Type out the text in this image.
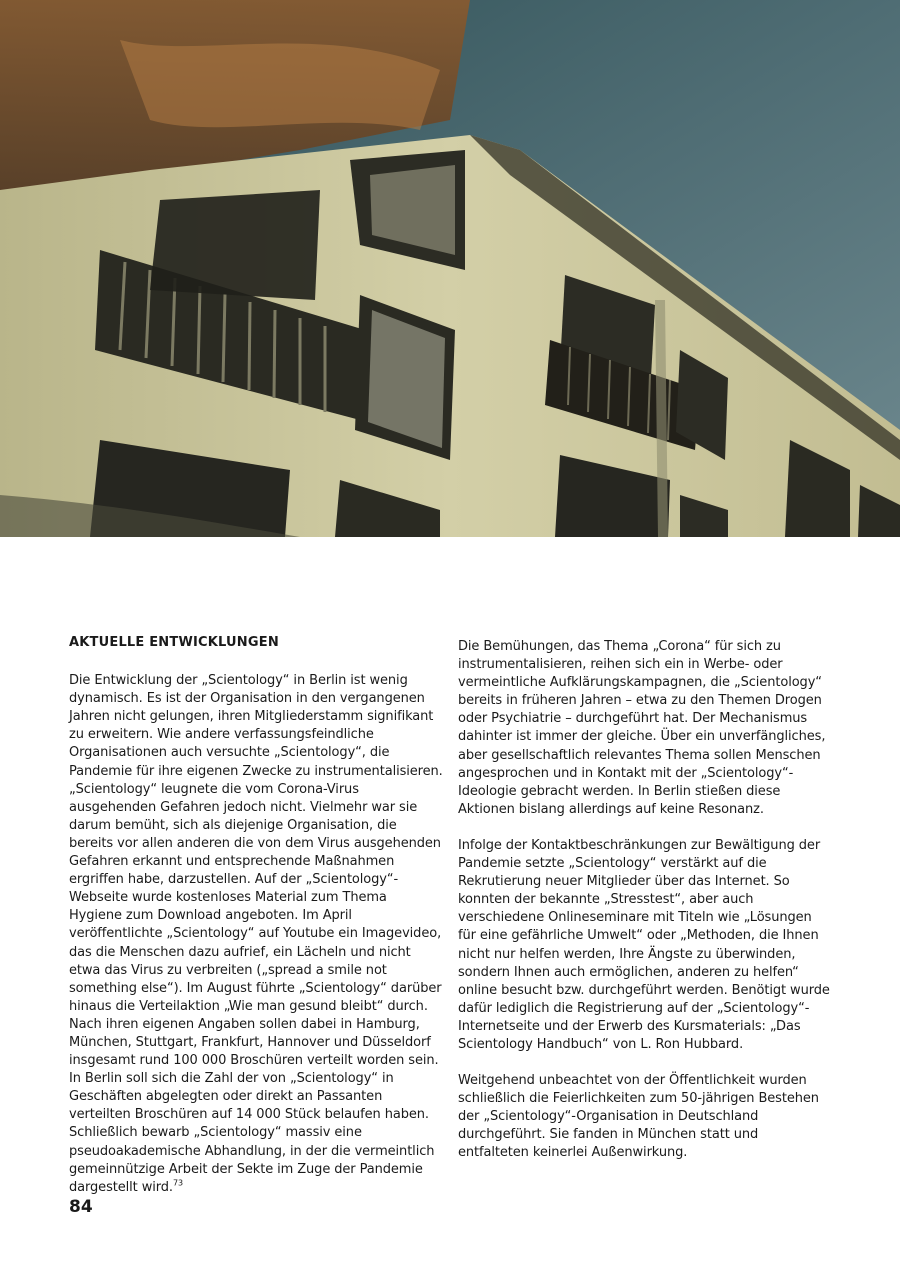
AKTUELLE ENTWICKLUNGEN

Die Entwicklung der „Scientology“ in Berlin ist wenig dynamisch. Es ist der Organisation in den vergangenen Jahren nicht gelungen, ihren Mitgliederstamm signifikant zu erweitern. Wie andere verfassungsfeindliche Organisationen auch versuchte „Scientology“, die Pandemie für ihre eigenen Zwecke zu instrumentalisieren. „Scientology“ leugnete die vom Corona-Virus ausgehenden Gefahren jedoch nicht. Vielmehr war sie darum bemüht, sich als diejenige Organisation, die bereits vor allen anderen die von dem Virus ausgehenden Gefahren erkannt und entsprechende Maßnahmen ergriffen habe, darzustellen. Auf der „Scientology“-Webseite wurde kostenloses Material zum Thema Hygiene zum Download angeboten. Im April veröffentlichte „Scientology“ auf Youtube ein Imagevideo, das die Menschen dazu aufrief, ein Lächeln und nicht etwa das Virus zu verbreiten („spread a smile not something else“). Im August führte „Scientology“ darüber hinaus die Verteilaktion „Wie man gesund bleibt“ durch. Nach ihren eigenen Angaben sollen dabei in Hamburg, München, Stuttgart, Frankfurt, Hannover und Düsseldorf insgesamt rund 100 000 Broschüren verteilt worden sein. In Berlin soll sich die Zahl der von „Scientology“ in Geschäften abgelegten oder direkt an Passanten verteilten Broschüren auf 14 000 Stück belaufen haben. Schließlich bewarb „Scientology“ massiv eine pseudoakademische Abhandlung, in der die vermeintlich gemeinnützige Arbeit der Sekte im Zuge der Pandemie dargestellt wird.$^{73}$

Die Bemühungen, das Thema „Corona“ für sich zu instrumentalisieren, reihen sich ein in Werbe- oder vermeintliche Aufklärungskampagnen, die „Scientology“ bereits in früheren Jahren – etwa zu den Themen Drogen oder Psychiatrie – durchgeführt hat. Der Mechanismus dahinter ist immer der gleiche. Über ein unverfängliches, aber gesellschaftlich relevantes Thema sollen Menschen angesprochen und in Kontakt mit der „Scientology“-Ideologie gebracht werden. In Berlin stießen diese Aktionen bislang allerdings auf keine Resonanz.

Infolge der Kontaktbeschränkungen zur Bewältigung der Pandemie setzte „Scientology“ verstärkt auf die Rekrutierung neuer Mitglieder über das Internet. So konnten der bekannte „Stresstest“, aber auch verschiedene Onlineseminare mit Titeln wie „Lösungen für eine gefährliche Umwelt“ oder „Methoden, die Ihnen nicht nur helfen werden, Ihre Ängste zu überwinden, sondern Ihnen auch ermöglichen, anderen zu helfen“ online besucht bzw. durchgeführt werden. Benötigt wurde dafür lediglich die Registrierung auf der „Scientology“-Internetseite und der Erwerb des Kursmaterials: „Das Scientology Handbuch“ von L. Ron Hubbard.

Weitgehend unbeachtet von der Öffentlichkeit wurden schließlich die Feierlichkeiten zum 50-jährigen Bestehen der „Scientology“-Organisation in Deutschland durchgeführt. Sie fanden in München statt und entfalteten keinerlei Außenwirkung.

84
